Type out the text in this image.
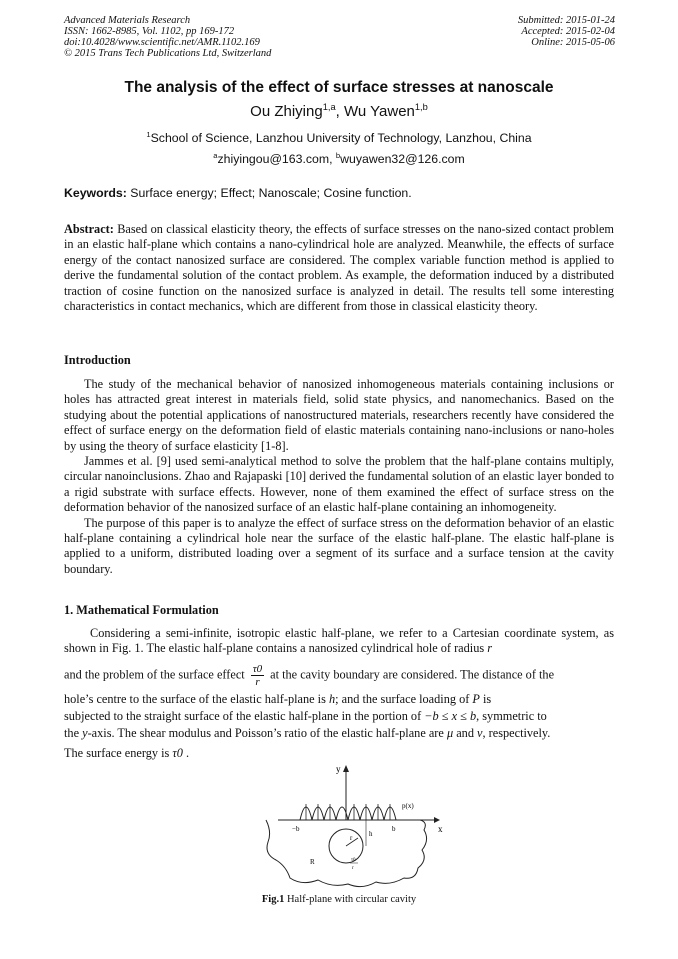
Advanced Materials Research
ISSN: 1662-8985, Vol. 1102, pp 169-172
doi:10.4028/www.scientific.net/AMR.1102.169
© 2015 Trans Tech Publications Ltd, Switzerland
Submitted: 2015-01-24
Accepted: 2015-02-04
Online: 2015-05-06
The analysis of the effect of surface stresses at nanoscale
Ou Zhiying$^{1,a}$, Wu Yawen$^{1,b}$
$^1$School of Science, Lanzhou University of Technology, Lanzhou, China
$^a$zhiyingou@163.com, $^b$wuyawen32@126.com
Keywords: Surface energy; Effect; Nanoscale; Cosine function.

Abstract: Based on classical elasticity theory, the effects of surface stresses on the nano-sized contact problem in an elastic half-plane which contains a nano-cylindrical hole are analyzed. Meanwhile, the effects of surface energy of the contact nanosized surface are considered. The complex variable function method is applied to derive the fundamental solution of the contact problem. As example, the deformation induced by a distributed traction of cosine function on the nanosized surface is analyzed in detail. The results tell some interesting characteristics in contact mechanics, which are different from those in classical elasticity theory.

Introduction

The study of the mechanical behavior of nanosized inhomogeneous materials containing inclusions or holes has attracted great interest in materials field, solid state physics, and nanomechanics. Based on the studying about the potential applications of nanostructured materials, researchers recently have considered the effect of surface energy on the deformation field of elastic materials containing nano-inclusions or nano-holes by using the theory of surface elasticity [1-8].

Jammes et al. [9] used semi-analytical method to solve the problem that the half-plane contains multiply, circular nanoinclusions. Zhao and Rajapaski [10] derived the fundamental solution of an elastic layer bonded to a rigid substrate with surface effects. However, none of them examined the effect of surface stress on the deformation behavior of the nanosized surface of an elastic half-plane containing an inhomogeneity.

The purpose of this paper is to analyze the effect of surface stress on the deformation behavior of an elastic half-plane containing a cylindrical hole near the surface of the elastic half-plane. The elastic half-plane is applied to a uniform, distributed loading over a segment of its surface and a surface tension at the cavity boundary.

1. Mathematical Formulation
Considering a semi-infinite, isotropic elastic half-plane, we refer to a Cartesian coordinate system, as shown in Fig. 1. The elastic half-plane contains a nanosized cylindrical hole of radius r
and the problem of the surface effect $\frac{\tau 0}{r}$ at the cavity boundary are considered. The distance of the
hole’s centre to the surface of the elastic half-plane is h; and the surface loading of P is
subjected to the straight surface of the elastic half-plane in the portion of −b ≤ x ≤ b, symmetric to
the y-axis. The shear modulus and Poisson’s ratio of the elastic half-plane are μ and ν, respectively.
The surface energy is τ0 .
y
x
p(x)
−b	b
h
r
R	τ0
r
Fig.1 Half-plane with circular cavity
